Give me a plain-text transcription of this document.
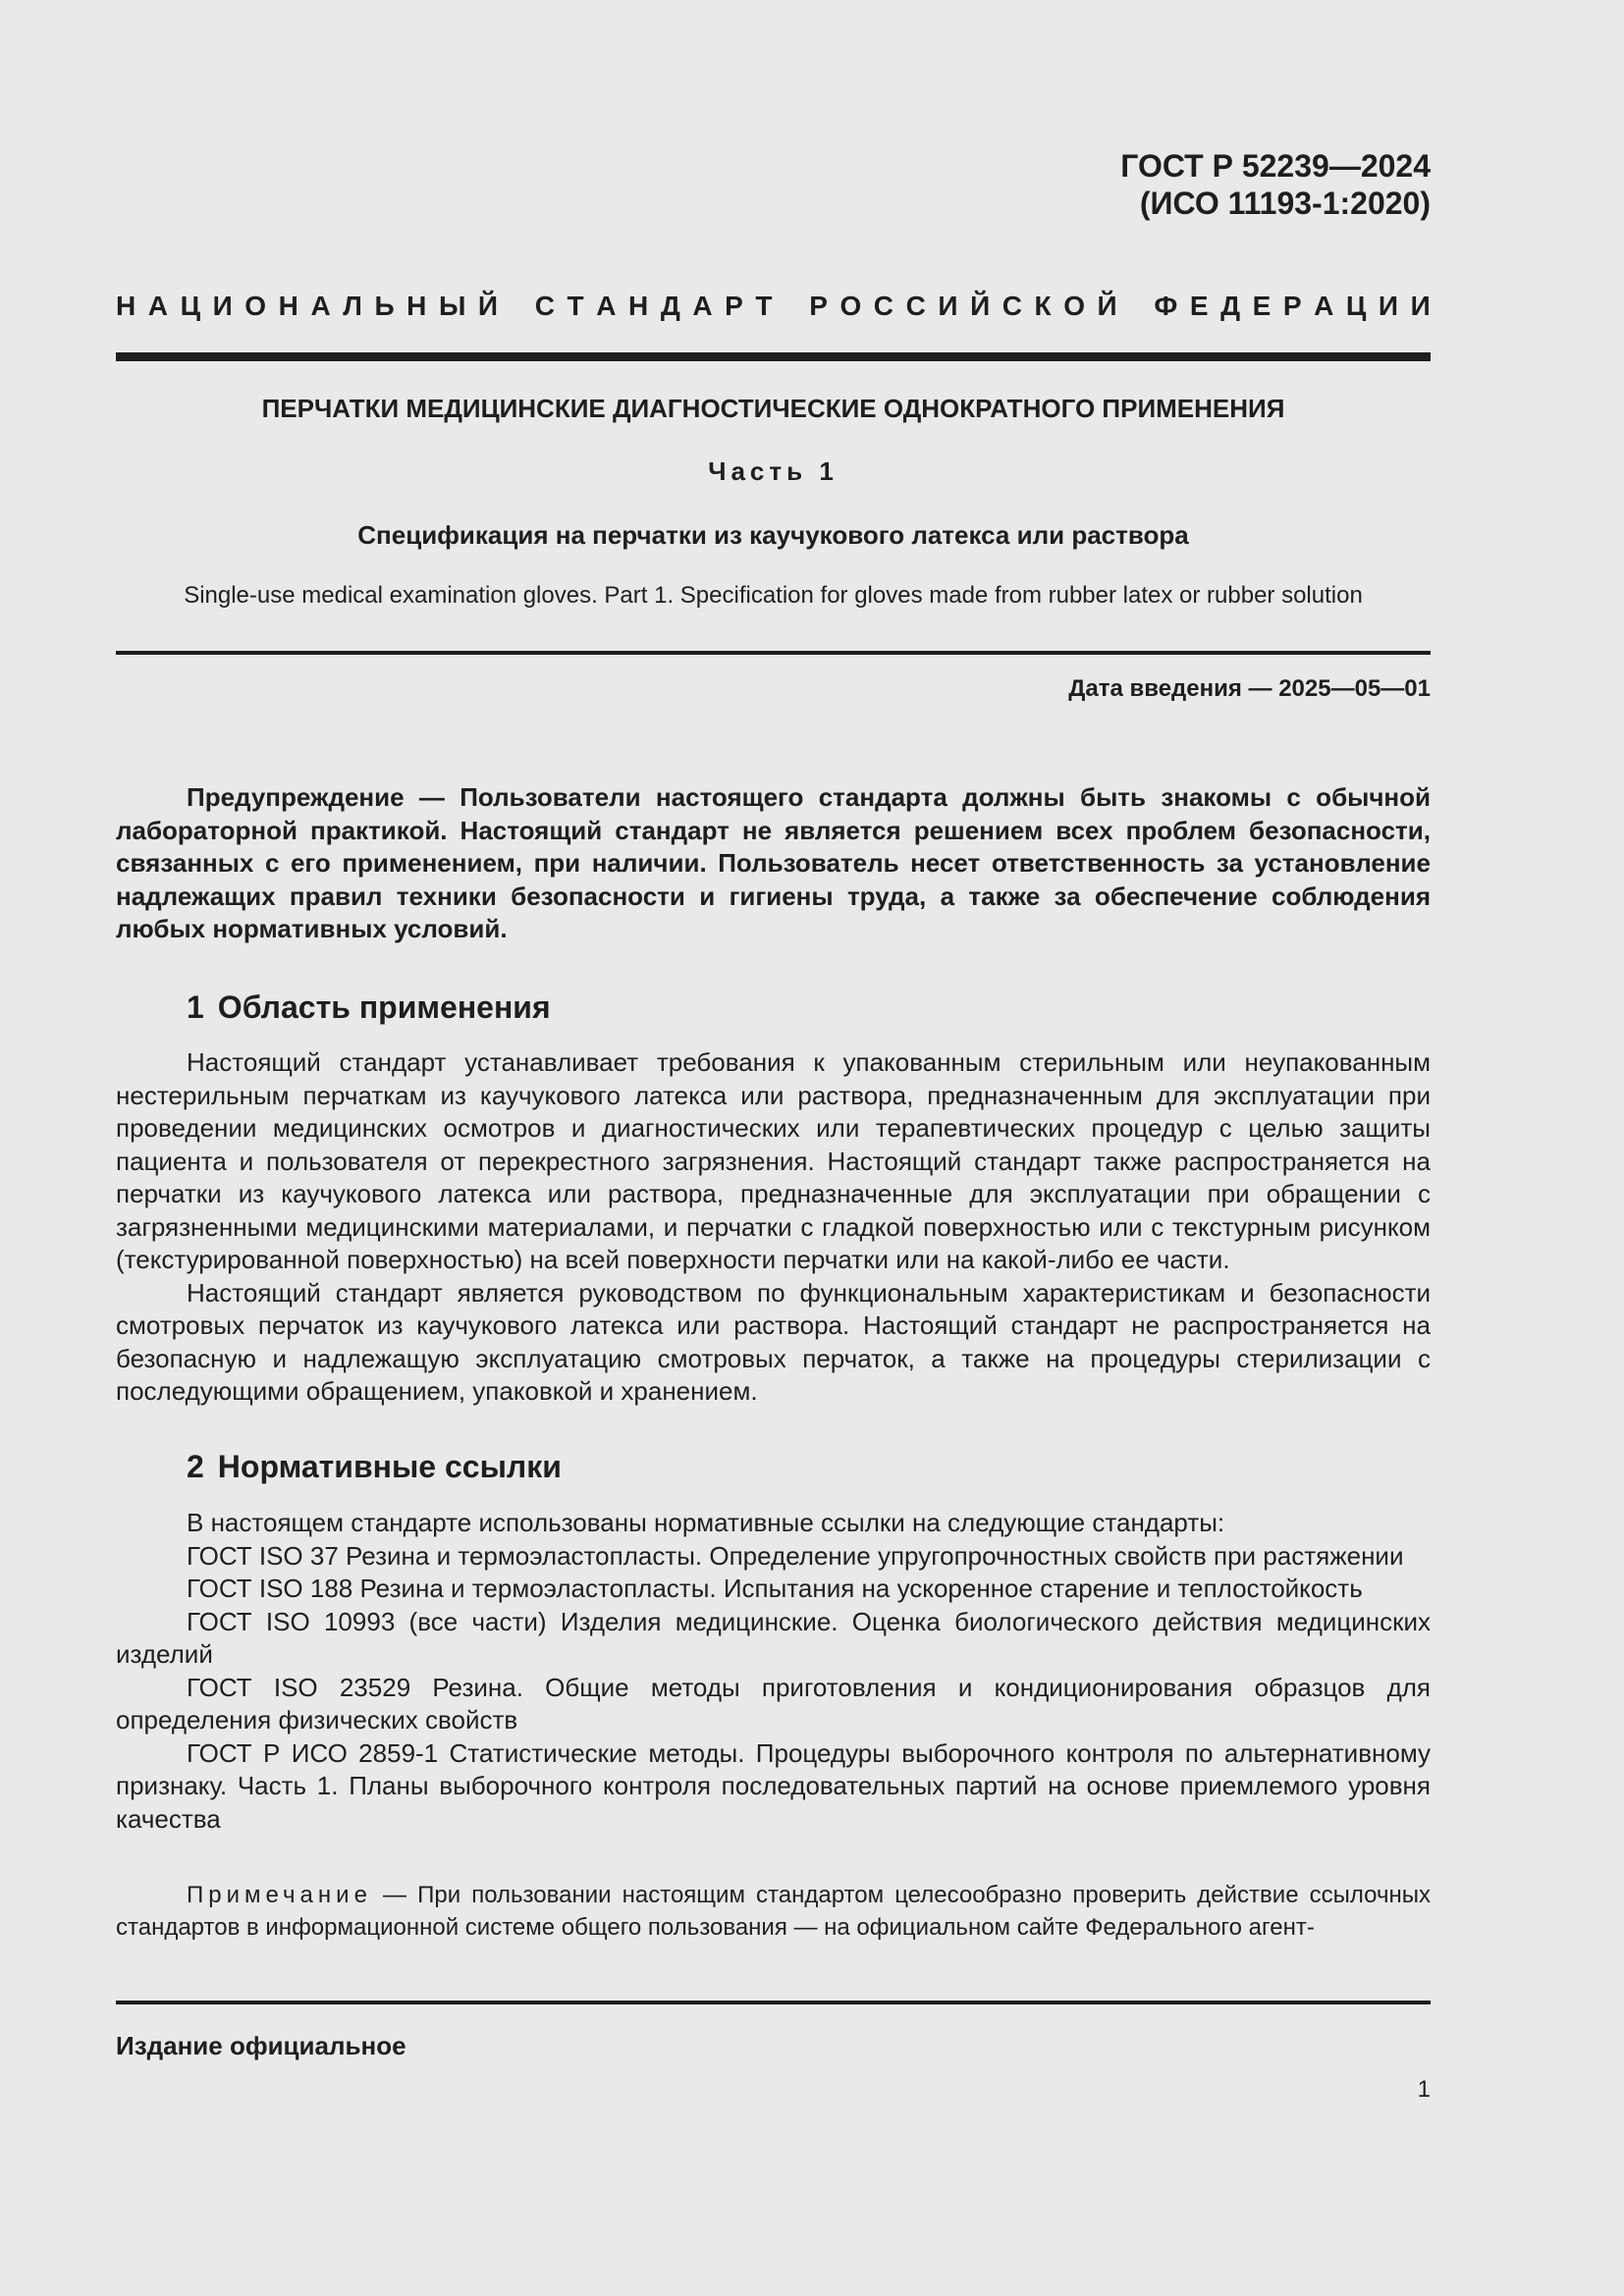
ГОСТ Р 52239—2024
(ИСО 11193-1:2020)
Н А Ц И О Н А Л Ь Н Ы Й С Т А Н Д А Р Т Р О С С И Й С К О Й Ф Е Д Е Р А Ц И И
ПЕРЧАТКИ МЕДИЦИНСКИЕ ДИАГНОСТИЧЕСКИЕ ОДНОКРАТНОГО ПРИМЕНЕНИЯ
Часть 1
Спецификация на перчатки из каучукового латекса или раствора
Single-use medical examination gloves. Part 1. Specification for gloves made from rubber latex or rubber solution
Дата введения — 2025—05—01

Предупреждение — Пользователи настоящего стандарта должны быть знакомы с обычной лабораторной практикой. Настоящий стандарт не является решением всех проблем безопасности, связанных с его применением, при наличии. Пользователь несет ответственность за установление надлежащих правил техники безопасности и гигиены труда, а также за обеспечение соблюдения любых нормативных условий.

1 Область применения

Настоящий стандарт устанавливает требования к упакованным стерильным или неупакованным нестерильным перчаткам из каучукового латекса или раствора, предназначенным для эксплуатации при проведении медицинских осмотров и диагностических или терапевтических процедур с целью защиты пациента и пользователя от перекрестного загрязнения. Настоящий стандарт также распространяется на перчатки из каучукового латекса или раствора, предназначенные для эксплуатации при обращении с загрязненными медицинскими материалами, и перчатки с гладкой поверхностью или с текстурным рисунком (текстурированной поверхностью) на всей поверхности перчатки или на какой-либо ее части.

Настоящий стандарт является руководством по функциональным характеристикам и безопасности смотровых перчаток из каучукового латекса или раствора. Настоящий стандарт не распространяется на безопасную и надлежащую эксплуатацию смотровых перчаток, а также на процедуры стерилизации с последующими обращением, упаковкой и хранением.

2 Нормативные ссылки

В настоящем стандарте использованы нормативные ссылки на следующие стандарты:

ГОСТ ISO 37 Резина и термоэластопласты. Определение упругопрочностных свойств при растяжении

ГОСТ ISO 188 Резина и термоэластопласты. Испытания на ускоренное старение и теплостойкость

ГОСТ ISO 10993 (все части) Изделия медицинские. Оценка биологического действия медицинских изделий

ГОСТ ISO 23529 Резина. Общие методы приготовления и кондиционирования образцов для определения физических свойств

ГОСТ Р ИСО 2859-1 Статистические методы. Процедуры выборочного контроля по альтернативному признаку. Часть 1. Планы выборочного контроля последовательных партий на основе приемлемого уровня качества

Примечание — При пользовании настоящим стандартом целесообразно проверить действие ссылочных стандартов в информационной системе общего пользования — на официальном сайте Федерального агент-

Издание официальное
1
